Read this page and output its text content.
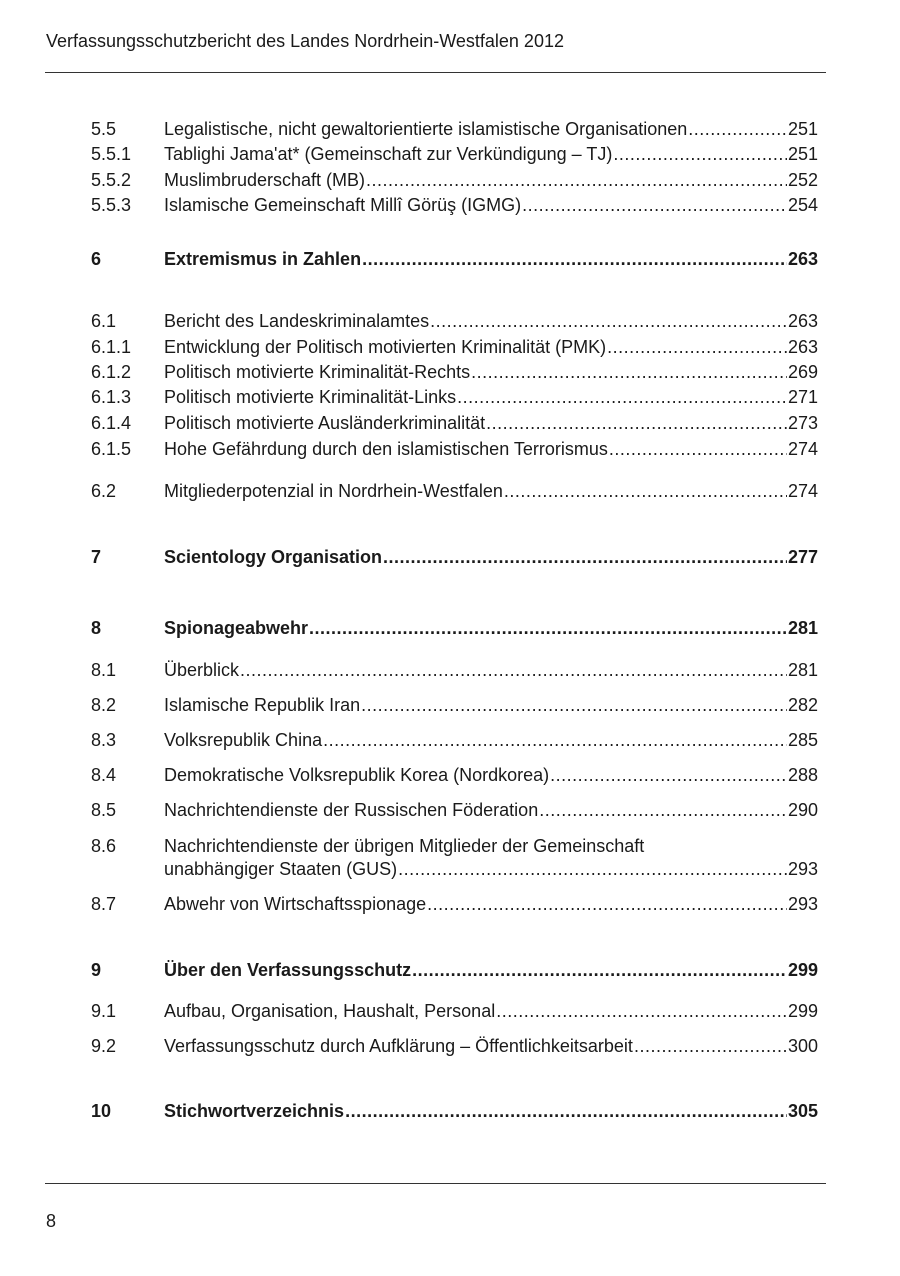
Verfassungsschutzbericht des Landes Nordrhein-Westfalen 2012
5.5	Legalistische, nicht gewaltorientierte islamistische Organisationen .....	251
5.5.1	Tablighi Jama'at* (Gemeinschaft zur Verkündigung – TJ) .....	251
5.5.2	Muslimbruderschaft (MB) .....	252
5.5.3	Islamische Gemeinschaft Millî Görüş (IGMG) .....	254
6	Extremismus in Zahlen .....	263
6.1	Bericht des Landeskriminalamtes .....	263
6.1.1	Entwicklung der Politisch motivierten Kriminalität (PMK) .....	263
6.1.2	Politisch motivierte Kriminalität-Rechts .....	269
6.1.3	Politisch motivierte Kriminalität-Links .....	271
6.1.4	Politisch motivierte Ausländerkriminalität .....	273
6.1.5	Hohe Gefährdung durch den islamistischen Terrorismus .....	274
6.2	Mitgliederpotenzial in Nordrhein-Westfalen .....	274
7	Scientology Organisation .....	277
8	Spionageabwehr .....	281
8.1	Überblick .....	281
8.2	Islamische Republik Iran .....	282
8.3	Volksrepublik China .....	285
8.4	Demokratische Volksrepublik Korea (Nordkorea) .....	288
8.5	Nachrichtendienste der Russischen Föderation .....	290
8.6	Nachrichtendienste der übrigen Mitglieder der Gemeinschaft
unabhängiger Staaten (GUS) .....	293
8.7	Abwehr von Wirtschaftsspionage .....	293
9	Über den Verfassungsschutz .....	299
9.1	Aufbau, Organisation, Haushalt, Personal .....	299
9.2	Verfassungsschutz durch Aufklärung – Öffentlichkeitsarbeit .....	300
10	Stichwortverzeichnis .....	305
8
